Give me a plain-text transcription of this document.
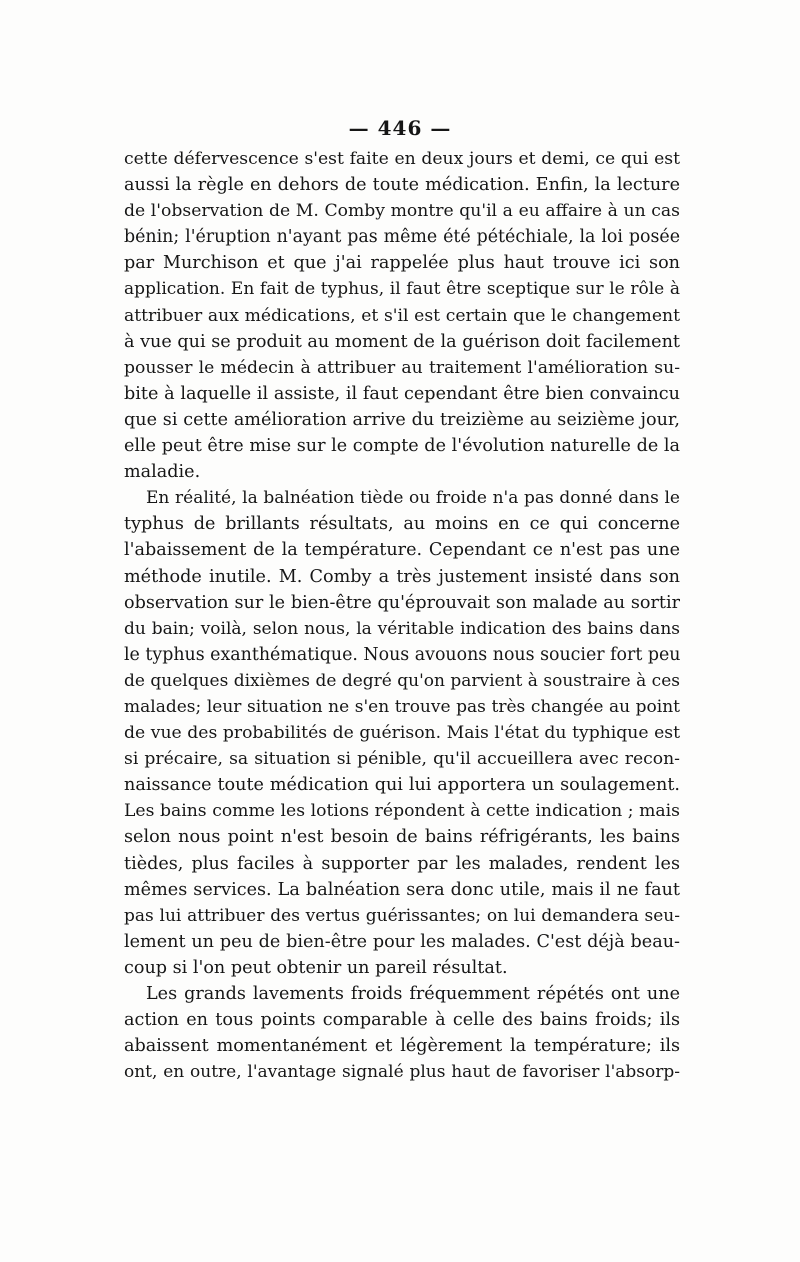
— 446 —
cette défervescence s'est faite en deux jours et demi, ce qui est
aussi la règle en dehors de toute médication. Enfin, la lecture
de l'observation de M. Comby montre qu'il a eu affaire à un cas
bénin; l'éruption n'ayant pas même été pétéchiale, la loi posée
par Murchison et que j'ai rappelée plus haut trouve ici son
application. En fait de typhus, il faut être sceptique sur le rôle à
attribuer aux médications, et s'il est certain que le changement
à vue qui se produit au moment de la guérison doit facilement
pousser le médecin à attribuer au traitement l'amélioration su-
bite à laquelle il assiste, il faut cependant être bien convaincu
que si cette amélioration arrive du treizième au seizième jour,
elle peut être mise sur le compte de l'évolution naturelle de la
maladie.
En réalité, la balnéation tiède ou froide n'a pas donné dans le
typhus de brillants résultats, au moins en ce qui concerne
l'abaissement de la température. Cependant ce n'est pas une
méthode inutile. M. Comby a très justement insisté dans son
observation sur le bien-être qu'éprouvait son malade au sortir
du bain; voilà, selon nous, la véritable indication des bains dans
le typhus exanthématique. Nous avouons nous soucier fort peu
de quelques dixièmes de degré qu'on parvient à soustraire à ces
malades; leur situation ne s'en trouve pas très changée au point
de vue des probabilités de guérison. Mais l'état du typhique est
si précaire, sa situation si pénible, qu'il accueillera avec recon-
naissance toute médication qui lui apportera un soulagement.
Les bains comme les lotions répondent à cette indication ; mais
selon nous point n'est besoin de bains réfrigérants, les bains
tièdes, plus faciles à supporter par les malades, rendent les
mêmes services. La balnéation sera donc utile, mais il ne faut
pas lui attribuer des vertus guérissantes; on lui demandera seu-
lement un peu de bien-être pour les malades. C'est déjà beau-
coup si l'on peut obtenir un pareil résultat.
Les grands lavements froids fréquemment répétés ont une
action en tous points comparable à celle des bains froids; ils
abaissent momentanément et légèrement la température; ils
ont, en outre, l'avantage signalé plus haut de favoriser l'absorp-
